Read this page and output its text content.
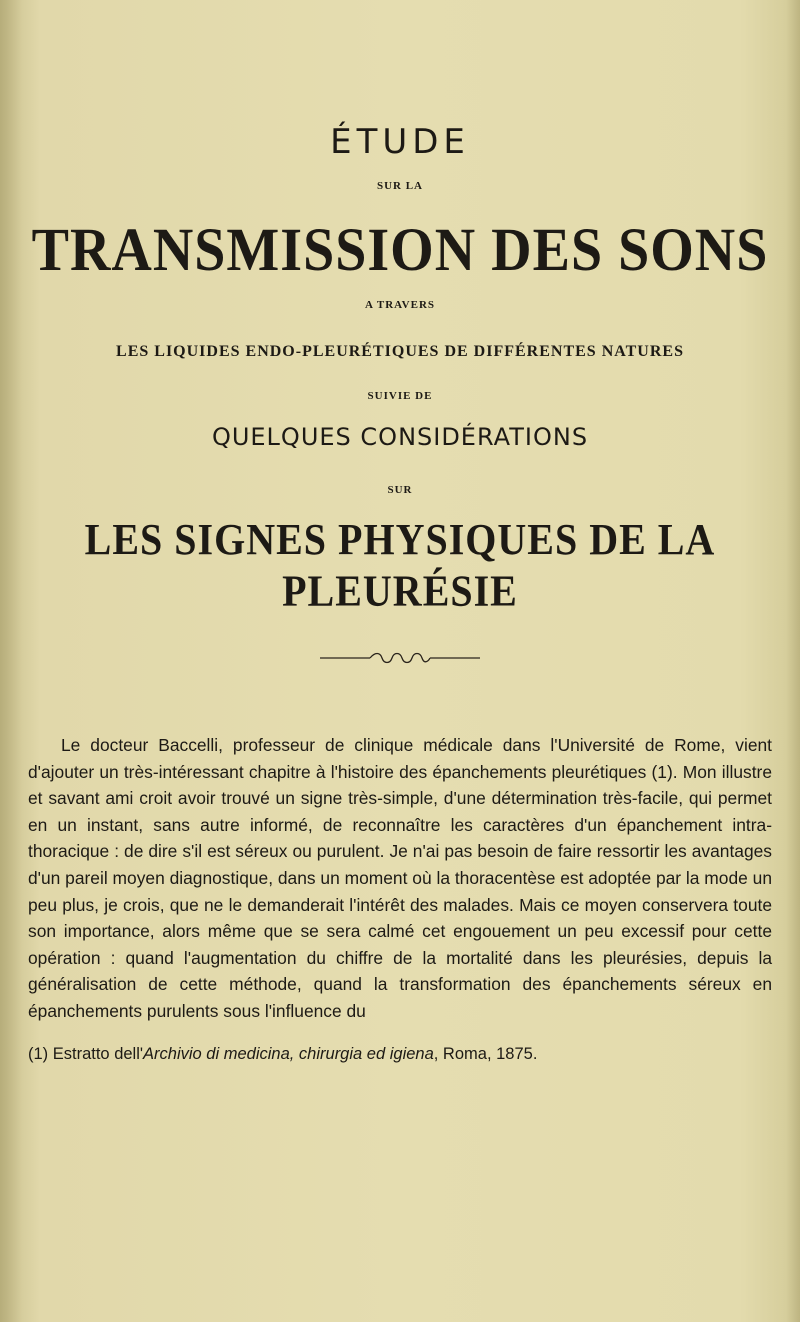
ÉTUDE
SUR LA
TRANSMISSION DES SONS
A TRAVERS
LES LIQUIDES ENDO-PLEURÉTIQUES DE DIFFÉRENTES NATURES
SUIVIE DE
QUELQUES CONSIDÉRATIONS
SUR
LES SIGNES PHYSIQUES DE LA PLEURÉSIE

Le docteur Baccelli, professeur de clinique médicale dans l'Université de Rome, vient d'ajouter un très-intéressant chapitre à l'histoire des épanchements pleurétiques (1). Mon illustre et savant ami croit avoir trouvé un signe très-simple, d'une détermination très-facile, qui permet en un instant, sans autre informé, de reconnaître les caractères d'un épanchement intra-thoracique : de dire s'il est séreux ou purulent. Je n'ai pas besoin de faire ressortir les avantages d'un pareil moyen diagnostique, dans un moment où la thoracentèse est adoptée par la mode un peu plus, je crois, que ne le demanderait l'intérêt des malades. Mais ce moyen conservera toute son importance, alors même que se sera calmé cet engouement un peu excessif pour cette opération : quand l'augmentation du chiffre de la mortalité dans les pleurésies, depuis la généralisation de cette méthode, quand la transformation des épanchements séreux en épanchements purulents sous l'influence du

(1) Estratto dell'Archivio di medicina, chirurgia ed igiena, Roma, 1875.
